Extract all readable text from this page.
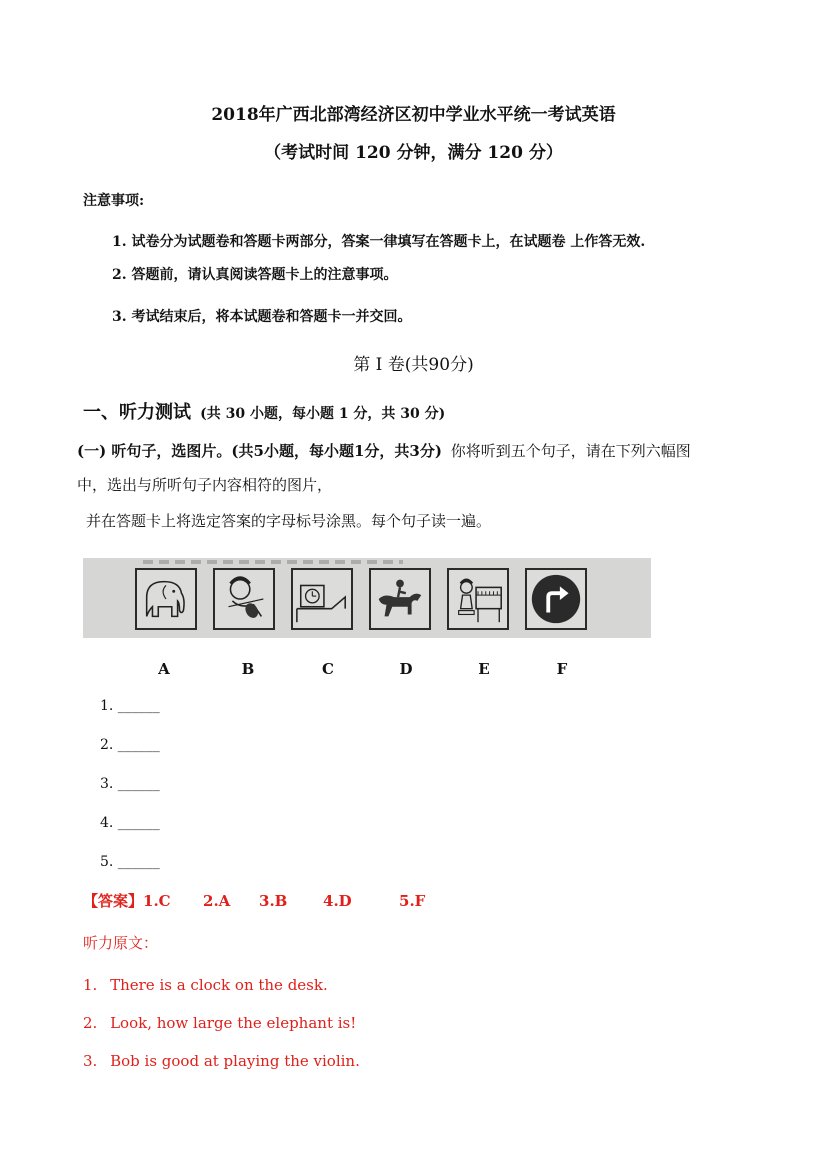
2018年广西北部湾经济区初中学业水平统一考试英语
（考试时间 120 分钟，满分 120 分）
注意事项:
1. 试卷分为试题卷和答题卡两部分，答案一律填写在答题卡上，在试题卷 上作答无效.
2. 答题前，请认真阅读答题卡上的注意事项。
3. 考试结束后，将本试题卷和答题卡一并交回。
第 I 卷(共90分)
一、听力测试 (共 30 小题，每小题 1 分，共 30 分)
(一) 听句子，选图片。(共5小题，每小题1分，共3分) 你将听到五个句子，请在下列六幅图
中，选出与所听句子内容相符的图片，
并在答题卡上将选定答案的字母标号涂黑。每个句子读一遍。
A	B	C	D	E	F
1. ______
2. ______
3. ______
4. ______
5. ______
【答案】1.C 2.A 3.B 4.D	5.F
听力原文：
1. There is a clock on the desk.
2. Look, how large the elephant is!
3. Bob is good at playing the violin.
